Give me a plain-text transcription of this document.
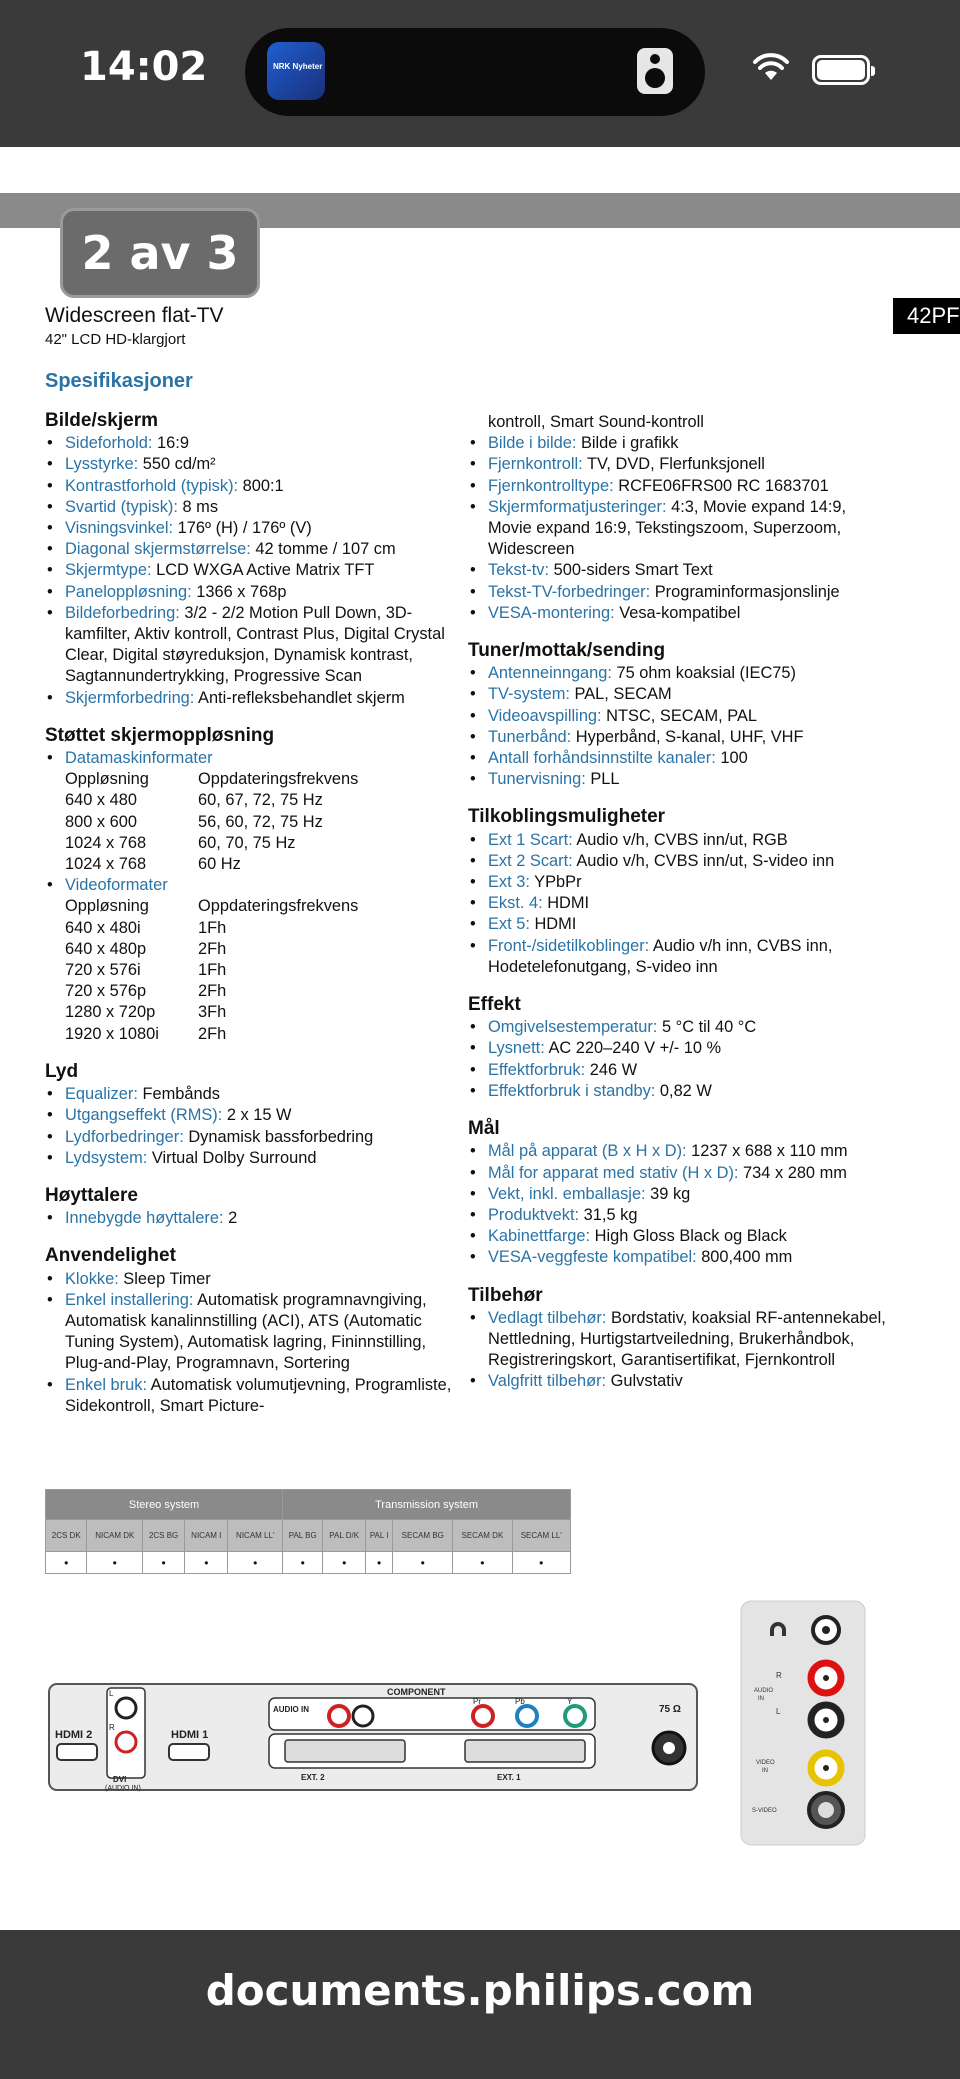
14:02	NRK Nyheter
2 av 3
42PF
Widescreen flat-TV
42" LCD HD-klargjort
Spesifikasjoner
Bilde/skjerm
• Sideforhold: 16:9
• Lysstyrke: 550 cd/m²
• Kontrastforhold (typisk): 800:1
• Svartid (typisk): 8 ms
• Visningsvinkel: 176º (H) / 176º (V)
• Diagonal skjermstørrelse: 42 tomme / 107 cm
• Skjermtype: LCD WXGA Active Matrix TFT
• Paneloppløsning: 1366 x 768p
• Bildeforbedring: 3/2 - 2/2 Motion Pull Down, 3D-kamfilter, Aktiv kontroll, Contrast Plus, Digital Crystal Clear, Digital støyreduksjon, Dynamisk kontrast, Sagtannundertrykking, Progressive Scan
• Skjermforbedring: Anti-refleksbehandlet skjerm
Støttet skjermoppløsning
• Datamaskinformater
Oppløsning	Oppdateringsfrekvens
640 x 480	60, 67, 72, 75 Hz
800 x 600	56, 60, 72, 75 Hz
1024 x 768	60, 70, 75 Hz
1024 x 768	60 Hz
• Videoformater
Oppløsning	Oppdateringsfrekvens
640 x 480i	1Fh
640 x 480p	2Fh
720 x 576i	1Fh
720 x 576p	2Fh
1280 x 720p	3Fh
1920 x 1080i	2Fh
Lyd
• Equalizer: Fembånds
• Utgangseffekt (RMS): 2 x 15 W
• Lydforbedringer: Dynamisk bassforbedring
• Lydsystem: Virtual Dolby Surround
Høyttalere
• Innebygde høyttalere: 2
Anvendelighet
• Klokke: Sleep Timer
• Enkel installering: Automatisk programnavngiving, Automatisk kanalinnstilling (ACI), ATS (Automatic Tuning System), Automatisk lagring, Fininnstilling, Plug-and-Play, Programnavn, Sortering
• Enkel bruk: Automatisk volumutjevning, Programliste, Sidekontroll, Smart Picture-
kontroll, Smart Sound-kontroll
• Bilde i bilde: Bilde i grafikk
• Fjernkontroll: TV, DVD, Flerfunksjonell
• Fjernkontrolltype: RCFE06FRS00 RC 1683701
• Skjermformatjusteringer: 4:3, Movie expand 14:9, Movie expand 16:9, Tekstingszoom, Superzoom, Widescreen
• Tekst-tv: 500-siders Smart Text
• Tekst-TV-forbedringer: Programinformasjonslinje
• VESA-montering: Vesa-kompatibel
Tuner/mottak/sending
• Antenneinngang: 75 ohm koaksial (IEC75)
• TV-system: PAL, SECAM
• Videoavspilling: NTSC, SECAM, PAL
• Tunerbånd: Hyperbånd, S-kanal, UHF, VHF
• Antall forhåndsinnstilte kanaler: 100
• Tunervisning: PLL
Tilkoblingsmuligheter
• Ext 1 Scart: Audio v/h, CVBS inn/ut, RGB
• Ext 2 Scart: Audio v/h, CVBS inn/ut, S-video inn
• Ext 3: YPbPr
• Ekst. 4: HDMI
• Ext 5: HDMI
• Front-/sidetilkoblinger: Audio v/h inn, CVBS inn, Hodetelefonutgang, S-video inn
Effekt
• Omgivelsestemperatur: 5 °C til 40 °C
• Lysnett: AC 220–240 V +/- 10 %
• Effektforbruk: 246 W
• Effektforbruk i standby: 0,82 W
Mål
• Mål på apparat (B x H x D): 1237 x 688 x 110 mm
• Mål for apparat med stativ (H x D): 734 x 280 mm
• Vekt, inkl. emballasje: 39 kg
• Produktvekt: 31,5 kg
• Kabinettfarge: High Gloss Black og Black
• VESA-veggfeste kompatibel: 800,400 mm
Tilbehør
• Vedlagt tilbehør: Bordstativ, koaksial RF-antennekabel, Nettledning, Hurtigstartveiledning, Brukerhåndbok, Registreringskort, Garantisertifikat, Fjernkontroll
• Valgfritt tilbehør: Gulvstativ
Stereo system					Transmission system					
2CS DK	NICAM DK	2CS BG	NICAM I	NICAM LL'	PAL BG	PAL D/K	PAL I	SECAM BG	SECAM DK	SECAM LL'
•	•	•	•	•	•	•	•	•	•	•
HDMI 2
L
R
DVI
(AUDIO IN)
HDMI 1
COMPONENT
AUDIO IN
Pr	Pb	Y
EXT. 2	EXT. 1
75 Ω
R
AUDIO
IN
L
VIDEO
IN
S-VIDEO
documents.philips.com
